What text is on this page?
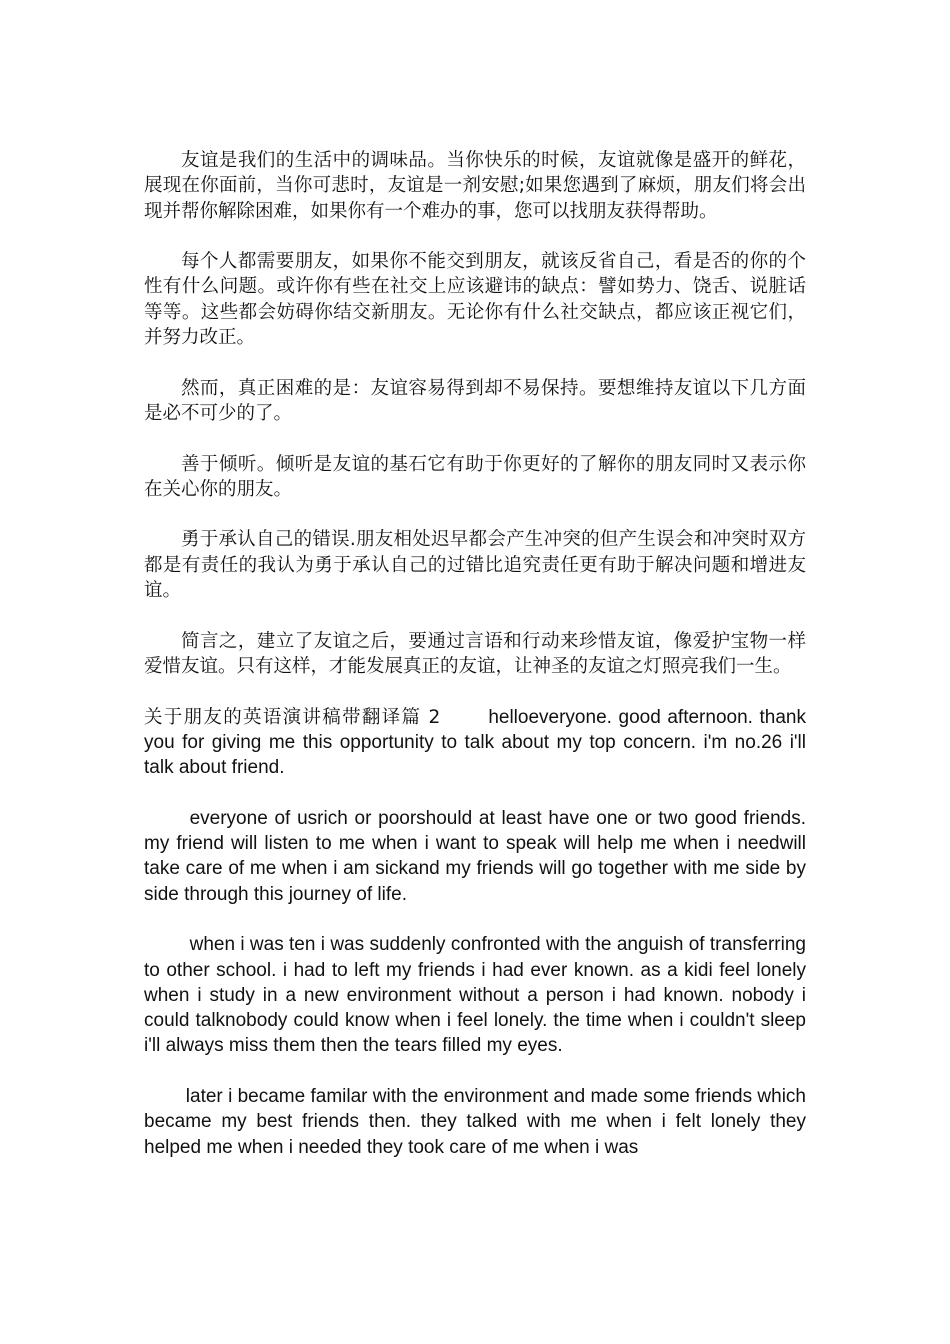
友谊是我们的生活中的调味品。当你快乐的时候，友谊就像是盛开的鲜花，展现在你面前，当你可悲时，友谊是一剂安慰;如果您遇到了麻烦，朋友们将会出现并帮你解除困难，如果你有一个难办的事，您可以找朋友获得帮助。

每个人都需要朋友，如果你不能交到朋友，就该反省自己，看是否的你的个性有什么问题。或许你有些在社交上应该避讳的缺点：譬如势力、饶舌、说脏话等等。这些都会妨碍你结交新朋友。无论你有什么社交缺点，都应该正视它们，并努力改正。

然而，真正困难的是：友谊容易得到却不易保持。要想维持友谊以下几方面是必不可少的了。

善于倾听。倾听是友谊的基石它有助于你更好的了解你的朋友同时又表示你在关心你的朋友。

勇于承认自己的错误.朋友相处迟早都会产生冲突的但产生误会和冲突时双方都是有责任的我认为勇于承认自己的过错比追究责任更有助于解决问题和增进友谊。

简言之，建立了友谊之后，要通过言语和行动来珍惜友谊，像爱护宝物一样爱惜友谊。只有这样，才能发展真正的友谊，让神圣的友谊之灯照亮我们一生。

关于朋友的英语演讲稿带翻译篇 2	helloeveryone. good afternoon. thank you for giving me this opportunity to talk about my top concern. i'm no.26 i'll talk about friend.

everyone of usrich or poorshould at least have one or two good friends. my friend will listen to me when i want to speak will help me when i needwill take care of me when i am sickand my friends will go together with me side by side through this journey of life.

when i was ten i was suddenly confronted with the anguish of transferring to other school. i had to left my friends i had ever known. as a kidi feel lonely when i study in a new environment without a person i had known. nobody i could talknobody could know when i feel lonely. the time when i couldn't sleep i'll always miss them then the tears filled my eyes.

later i became familar with the environment and made some friends which became my best friends then. they talked with me when i felt lonely they helped me when i needed they took care of me when i was
